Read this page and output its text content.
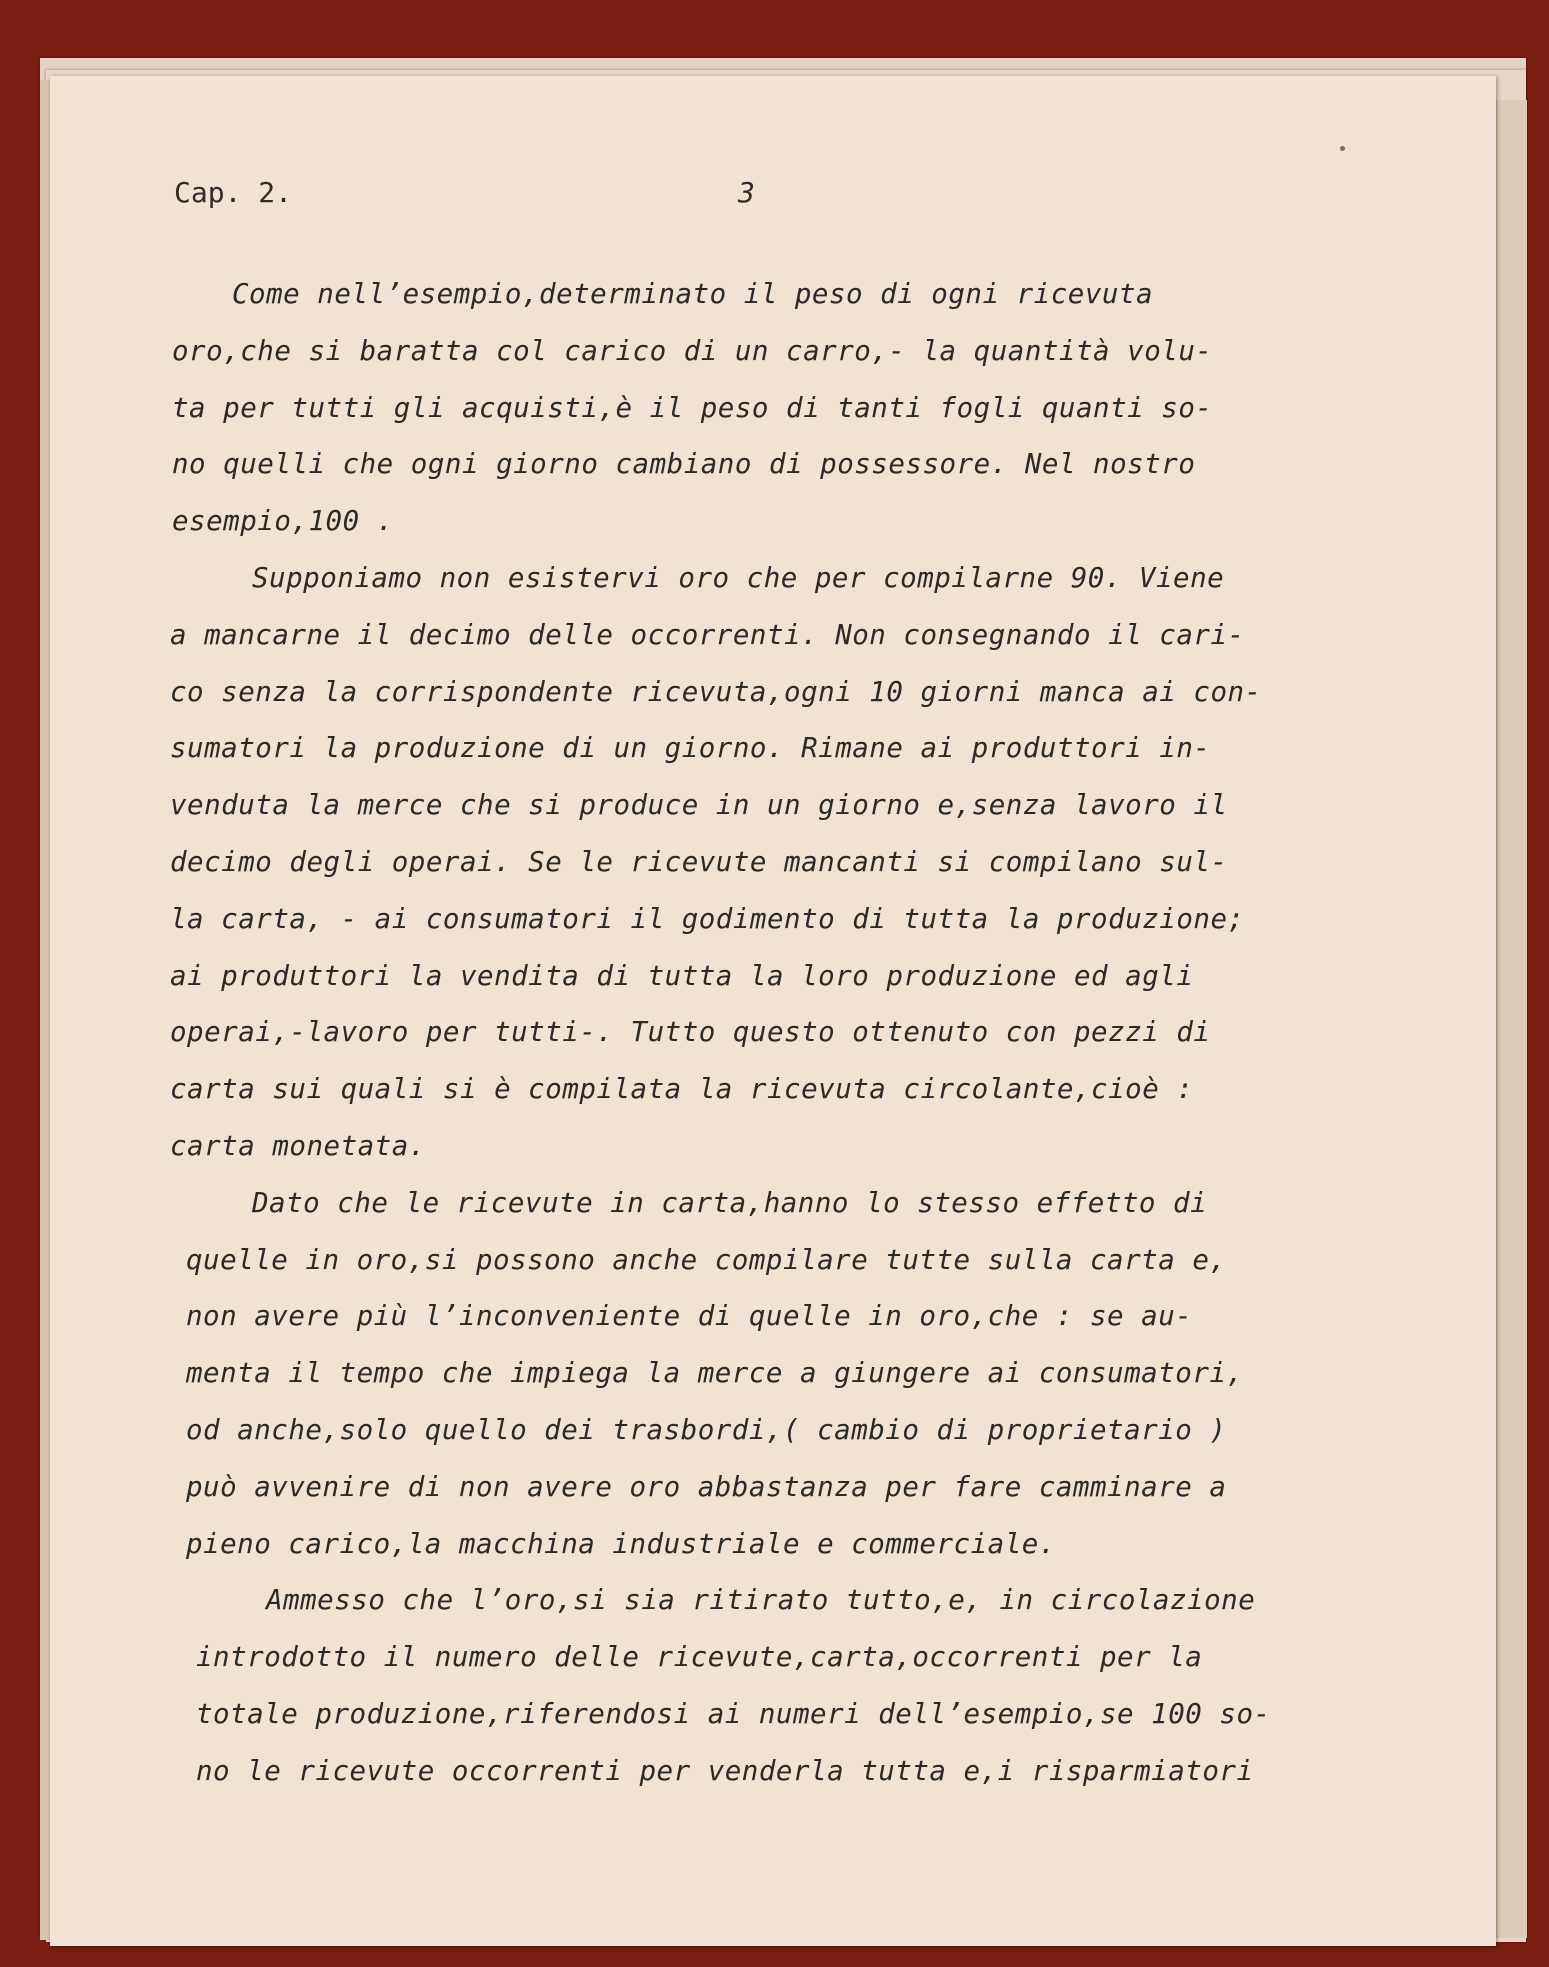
Cap. 2.	3
Come nell’esempio,determinato il peso di ogni ricevuta
oro,che si baratta col carico di un carro,- la quantità volu-
ta per tutti gli acquisti,è il peso di tanti fogli quanti so-
no quelli che ogni giorno cambiano di possessore. Nel nostro
esempio,100 .
Supponiamo non esistervi oro che per compilarne 90. Viene
a mancarne il decimo delle occorrenti. Non consegnando il cari-
co senza la corrispondente ricevuta,ogni 10 giorni manca ai con-
sumatori la produzione di un giorno. Rimane ai produttori in-
venduta la merce che si produce in un giorno e,senza lavoro il
decimo degli operai. Se le ricevute mancanti si compilano sul-
la carta, - ai consumatori il godimento di tutta la produzione;
ai produttori la vendita di tutta la loro produzione ed agli
operai,-lavoro per tutti-. Tutto questo ottenuto con pezzi di
carta sui quali si è compilata la ricevuta circolante,cioè :
carta monetata.
Dato che le ricevute in carta,hanno lo stesso effetto di
quelle in oro,si possono anche compilare tutte sulla carta e,
non avere più l’inconveniente di quelle in oro,che : se au-
menta il tempo che impiega la merce a giungere ai consumatori,
od anche,solo quello dei trasbordi,( cambio di proprietario )
può avvenire di non avere oro abbastanza per fare camminare a
pieno carico,la macchina industriale e commerciale.
Ammesso che l’oro,si sia ritirato tutto,e, in circolazione
introdotto il numero delle ricevute,carta,occorrenti per la
totale produzione,riferendosi ai numeri dell’esempio,se 100 so-
no le ricevute occorrenti per venderla tutta e,i risparmiatori
